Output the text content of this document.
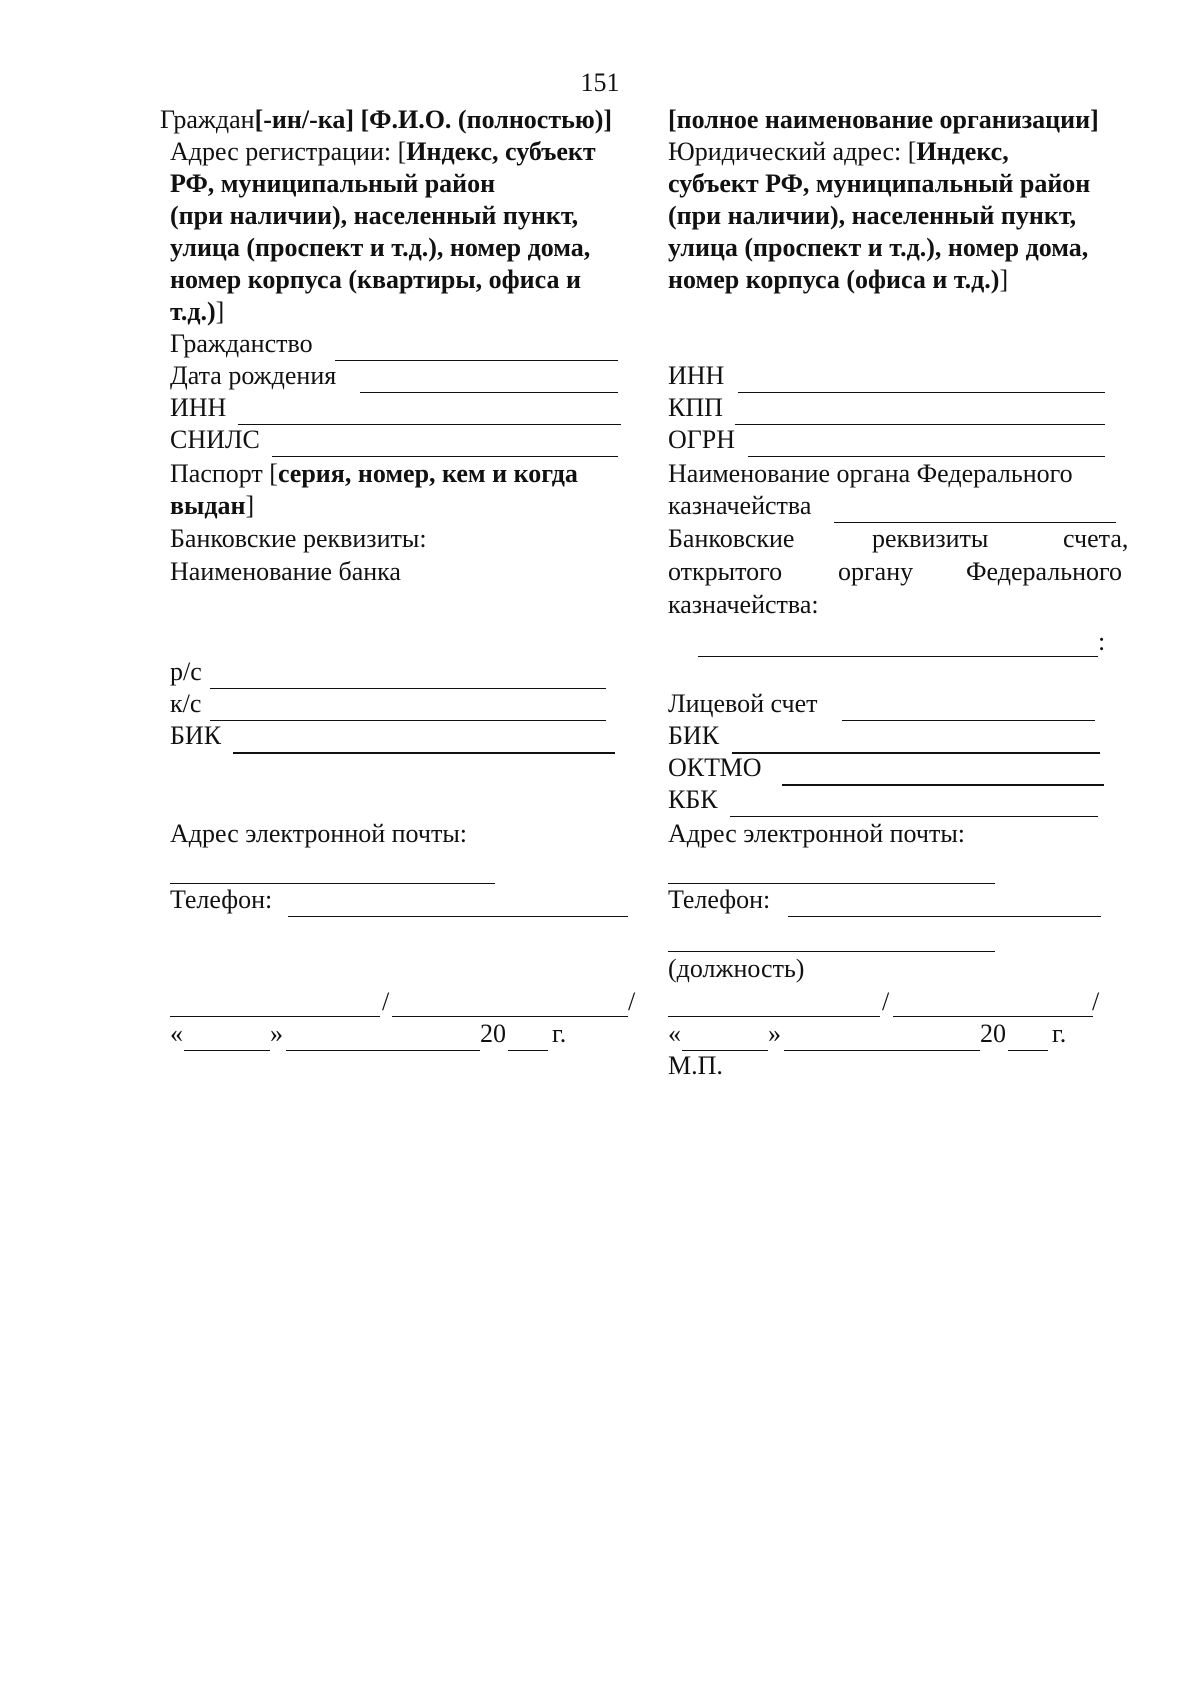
151
Граждан[-ин/-ка] [Ф.И.О. (полностью)]
Адрес регистрации: [Индекс, субъект
РФ, муниципальный район
(при наличии), населенный пункт,
улица (проспект и т.д.), номер дома,
номер корпуса (квартиры, офиса и
т.д.)]
Гражданство
Дата рождения
ИНН
СНИЛС
Паспорт [серия, номер, кем и когда
выдан]
Банковские реквизиты:
Наименование банка
р/с
к/с
БИК
Адрес электронной почты:
Телефон:
/	/
«	»	20 г.
[полное наименование организации]
Юридический адрес: [Индекс,
субъект РФ, муниципальный район
(при наличии), населенный пункт,
улица (проспект и т.д.), номер дома,
номер корпуса (офиса и т.д.)]
ИНН
КПП
ОГРН
Наименование органа Федерального
казначейства
Банковские	реквизиты	счета,
открытого органу Федерального
казначейства:
:
Лицевой счет
БИК
ОКТМО
КБК
Адрес электронной почты:
Телефон:
(должность)
/	/
«	»	20 г.
М.П.
